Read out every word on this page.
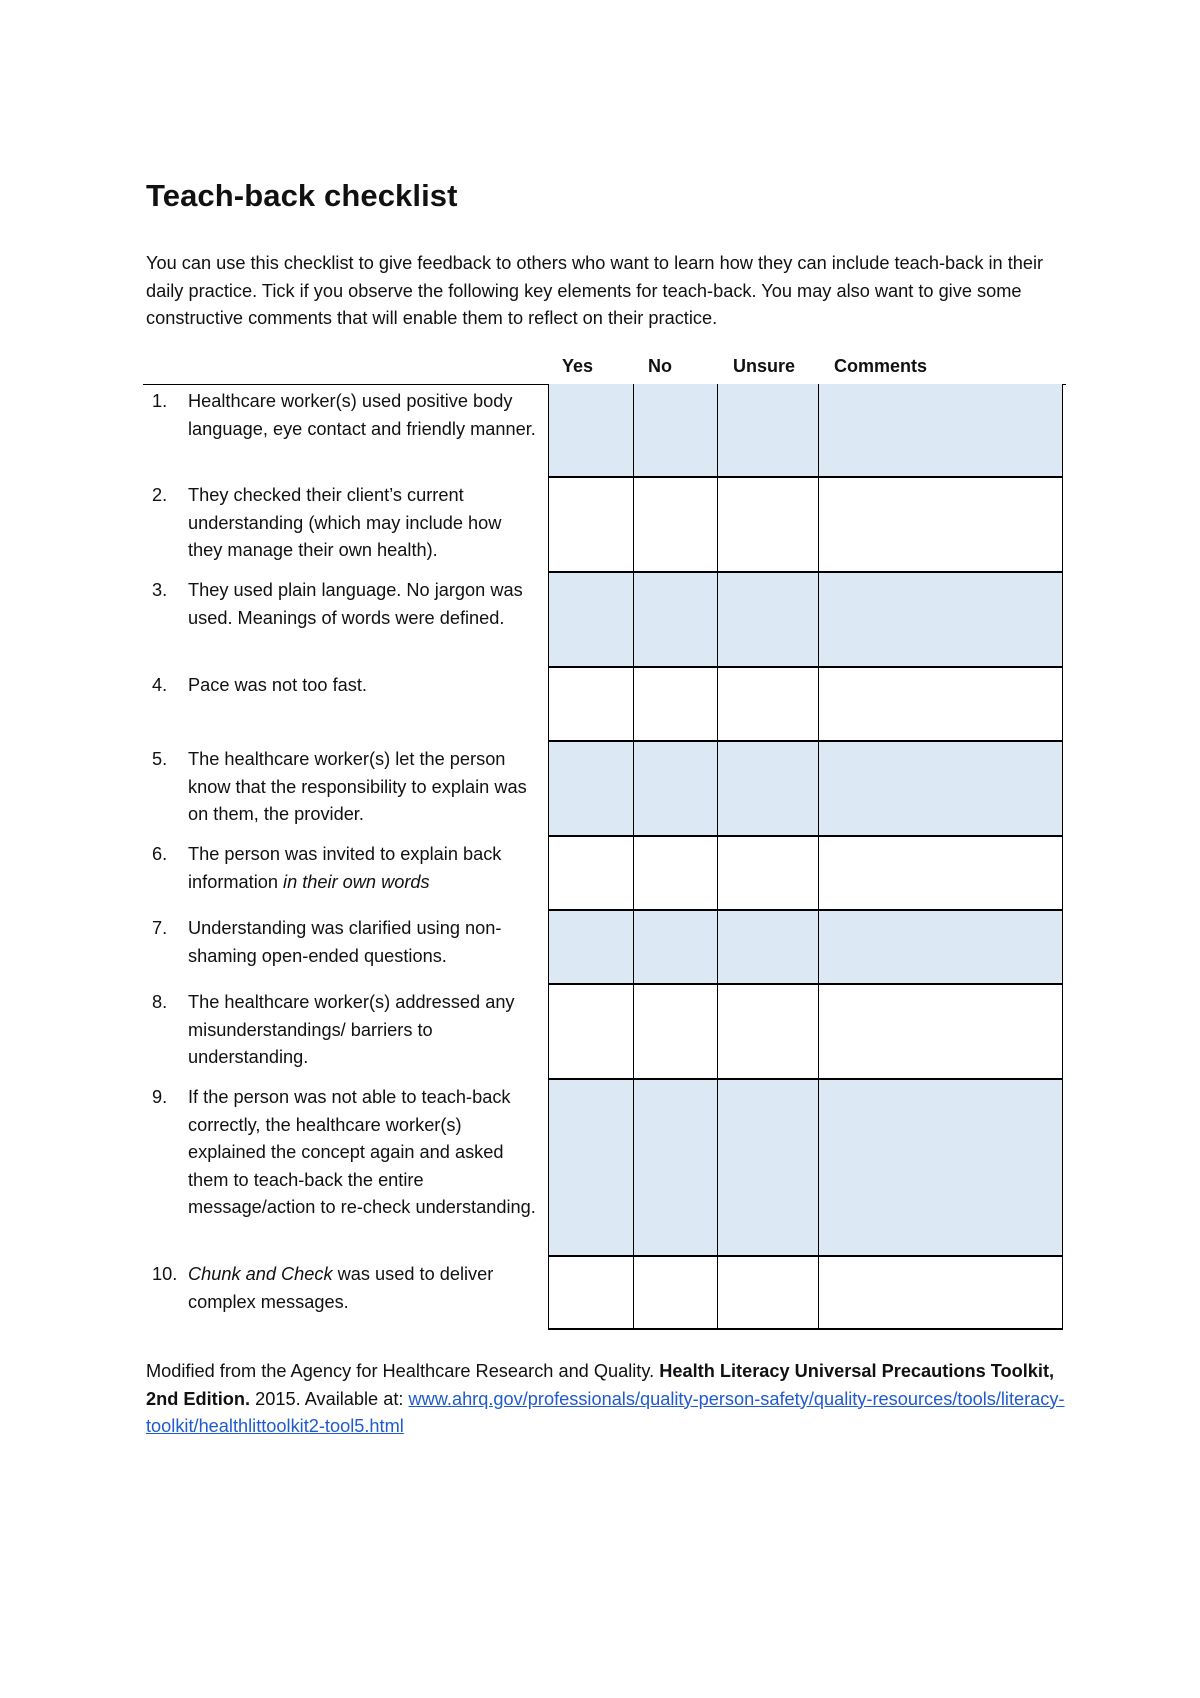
Teach-back checklist

You can use this checklist to give feedback to others who want to learn how they can include teach-back in their daily practice. Tick if you observe the following key elements for teach-back. You may also want to give some constructive comments that will enable them to reflect on their practice.

Yes	No	Unsure Comments
1. Healthcare worker(s) used positive body language, eye contact and friendly manner.
2. They checked their client’s current understanding (which may include how they manage their own health).
3. They used plain language. No jargon was used. Meanings of words were defined.
4. Pace was not too fast.
5. The healthcare worker(s) let the person know that the responsibility to explain was on them, the provider.
6. The person was invited to explain back information in their own words
7. Understanding was clarified using non-shaming open-ended questions.
8. The healthcare worker(s) addressed any misunderstandings/ barriers to understanding.
9. If the person was not able to teach-back correctly, the healthcare worker(s) explained the concept again and asked them to teach-back the entire message/action to re-check understanding.
10. Chunk and Check was used to deliver complex messages.

Modified from the Agency for Healthcare Research and Quality. Health Literacy Universal Precautions Toolkit, 2nd Edition. 2015. Available at: www.ahrq.gov/professionals/quality-person-safety/quality-resources/tools/literacy-toolkit/healthlittoolkit2-tool5.html
